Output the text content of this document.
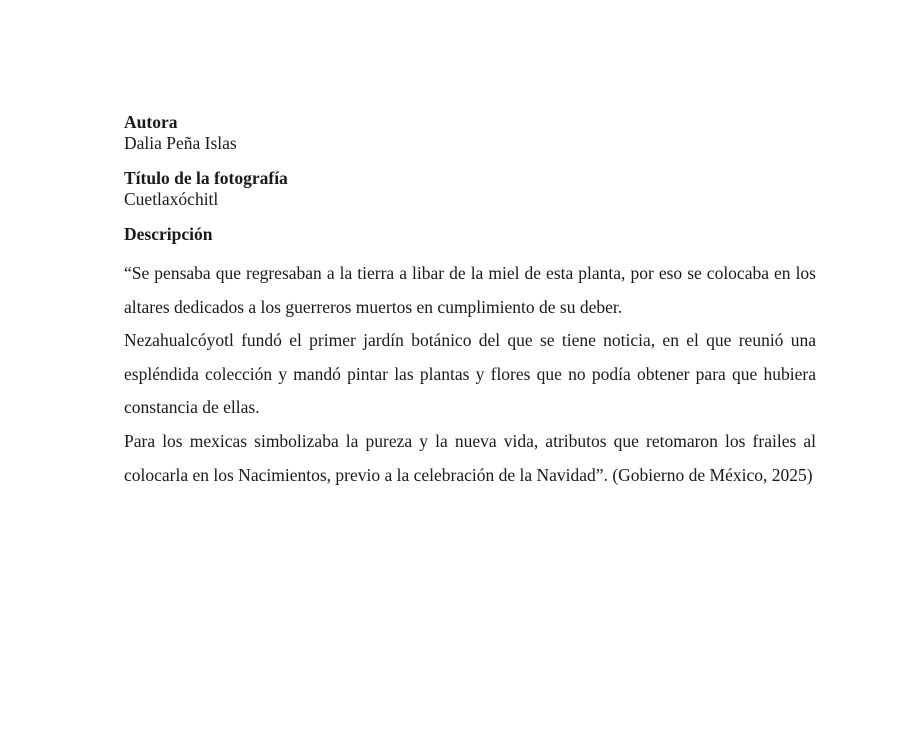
Autora

Dalia Peña Islas

Título de la fotografía

Cuetlaxóchitl

Descripción

“Se pensaba que regresaban a la tierra a libar de la miel de esta planta, por eso se colocaba en los altares dedicados a los guerreros muertos en cumplimiento de su deber.

Nezahualcóyotl fundó el primer jardín botánico del que se tiene noticia, en el que reunió una espléndida colección y mandó pintar las plantas y flores que no podía obtener para que hubiera constancia de ellas.

Para los mexicas simbolizaba la pureza y la nueva vida, atributos que retomaron los frailes al colocarla en los Nacimientos, previo a la celebración de la Navidad”. (Gobierno de México, 2025)
